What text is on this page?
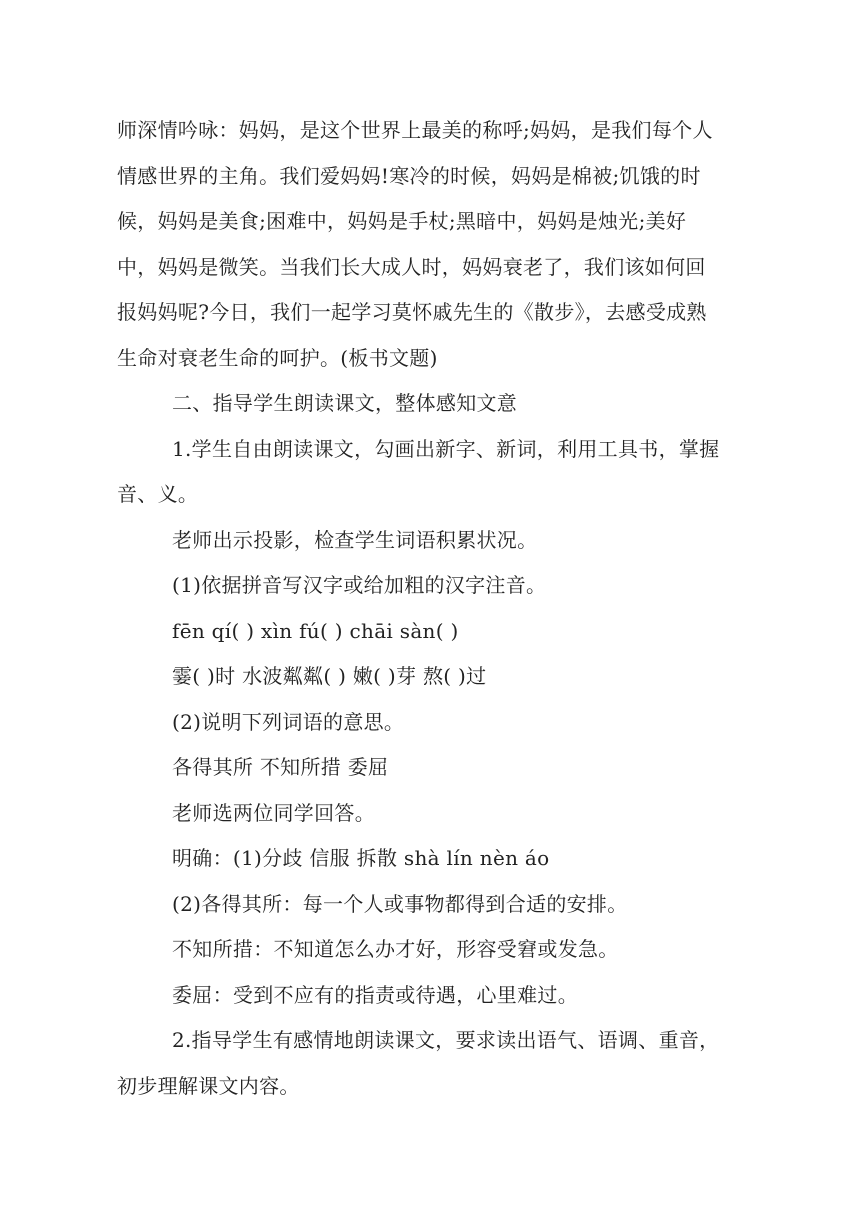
师深情吟咏：妈妈，是这个世界上最美的称呼;妈妈，是我们每个人
情感世界的主角。我们爱妈妈!寒冷的时候，妈妈是棉被;饥饿的时
候，妈妈是美食;困难中，妈妈是手杖;黑暗中，妈妈是烛光;美好
中，妈妈是微笑。当我们长大成人时，妈妈衰老了，我们该如何回
报妈妈呢?今日，我们一起学习莫怀戚先生的《散步》，去感受成熟
生命对衰老生命的呵护。(板书文题)
二、指导学生朗读课文，整体感知文意
1.学生自由朗读课文，勾画出新字、新词，利用工具书，掌握
音、义。
老师出示投影，检查学生词语积累状况。
(1)依据拼音写汉字或给加粗的汉字注音。
fēn qí( ) xìn fú( ) chāi sàn( )
霎( )时 水波粼粼( ) 嫩( )芽 熬( )过
(2)说明下列词语的意思。
各得其所 不知所措 委屈
老师选两位同学回答。
明确：(1)分歧 信服 拆散 shà lín nèn áo
(2)各得其所：每一个人或事物都得到合适的安排。
不知所措：不知道怎么办才好，形容受窘或发急。
委屈：受到不应有的指责或待遇，心里难过。
2.指导学生有感情地朗读课文，要求读出语气、语调、重音，
初步理解课文内容。
